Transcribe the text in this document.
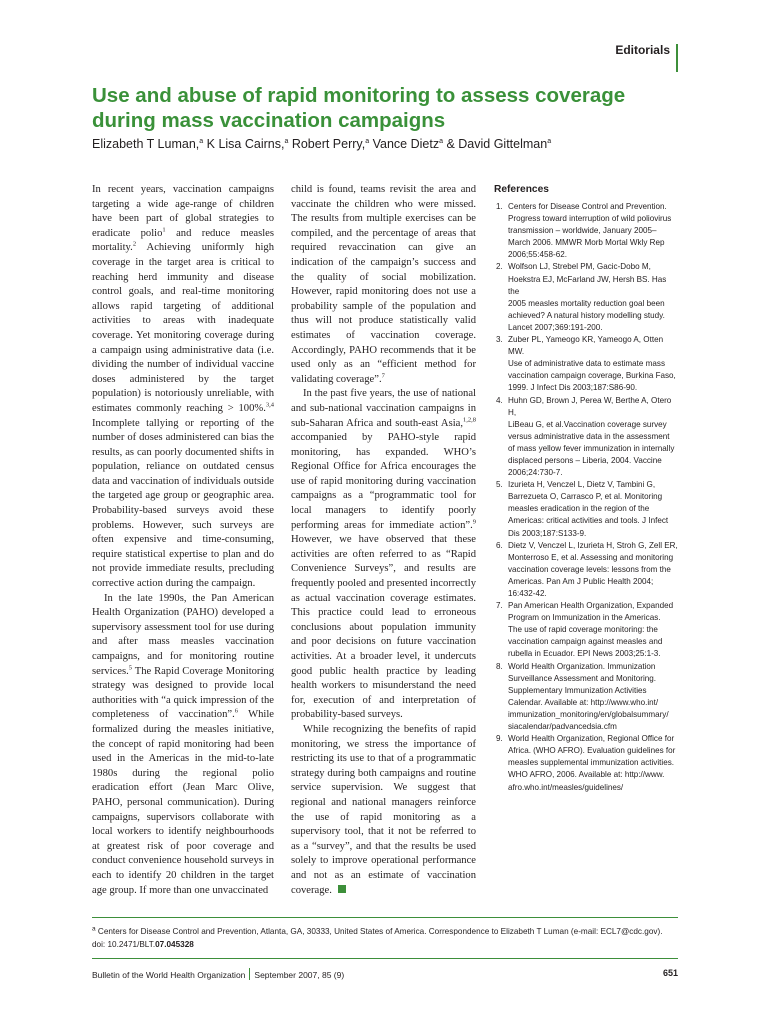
Editorials
Use and abuse of rapid monitoring to assess coverage during mass vaccination campaigns
Elizabeth T Luman,$^a$ K Lisa Cairns,$^a$ Robert Perry,$^a$ Vance Dietz$^a$ & David Gittelman$^a$

In recent years, vaccination campaigns targeting a wide age-range of children have been part of global strategies to eradicate polio$^1$ and reduce measles mortality.$^2$ Achieving uniformly high coverage in the target area is critical to reaching herd immunity and disease control goals, and real-time monitoring allows rapid targeting of additional activities to areas with inadequate coverage. Yet monitoring coverage during a campaign using administrative data (i.e. dividing the number of individual vaccine doses administered by the target population) is notoriously unreliable, with estimates commonly reaching > 100%.$^{3,4}$ Incomplete tallying or reporting of the number of doses administered can bias the results, as can poorly documented shifts in population, reliance on outdated census data and vaccination of individuals outside the targeted age group or geographic area. Probability-based surveys avoid these problems. However, such surveys are often expensive and time-consuming, require statistical expertise to plan and do not provide immediate results, precluding corrective action during the campaign.

In the late 1990s, the Pan American Health Organization (PAHO) developed a supervisory assessment tool for use during and after mass measles vaccination campaigns, and for monitoring routine services.$^5$ The Rapid Coverage Monitoring strategy was designed to provide local authorities with “a quick impression of the completeness of vaccination”.$^6$ While formalized during the measles initiative, the concept of rapid monitoring had been used in the Americas in the mid-to-late 1980s during the regional polio eradication effort (Jean Marc Olive, PAHO, personal communication). During campaigns, supervisors collaborate with local workers to identify neighbourhoods at greatest risk of poor coverage and conduct convenience household surveys in each to identify 20 children in the target age group. If more than one unvaccinated

child is found, teams revisit the area and vaccinate the children who were missed. The results from multiple exercises can be compiled, and the percentage of areas that required revaccination can give an indication of the campaign’s success and the quality of social mobilization. However, rapid monitoring does not use a probability sample of the population and thus will not produce statistically valid estimates of vaccination coverage. Accordingly, PAHO recommends that it be used only as an “efficient method for validating coverage”.$^7$

In the past five years, the use of national and sub-national vaccination campaigns in sub-Saharan Africa and south-east Asia,$^{1,2,8}$ accompanied by PAHO-style rapid monitoring, has expanded. WHO’s Regional Office for Africa encourages the use of rapid monitoring during vaccination campaigns as a “programmatic tool for local managers to identify poorly performing areas for immediate action”.$^9$ However, we have observed that these activities are often referred to as “Rapid Convenience Surveys”, and results are frequently pooled and presented incorrectly as actual vaccination coverage estimates. This practice could lead to erroneous conclusions about population immunity and poor decisions on future vaccination activities. At a broader level, it undercuts good public health practice by leading health workers to misunderstand the need for, execution of and interpretation of probability-based surveys.

While recognizing the benefits of rapid monitoring, we stress the importance of restricting its use to that of a programmatic strategy during both campaigns and routine service supervision. We suggest that regional and national managers reinforce the use of rapid monitoring as a supervisory tool, that it not be referred to as a “survey”, and that the results be used solely to improve operational performance and not as an estimate of vaccination coverage.

References
1. Centers for Disease Control and Prevention.
Progress toward interruption of wild poliovirus
transmission – worldwide, January 2005–
March 2006. MMWR Morb Mortal Wkly Rep
2006;55:458-62.
2. Wolfson LJ, Strebel PM, Gacic-Dobo M,
Hoekstra EJ, McFarland JW, Hersh BS. Has the
2005 measles mortality reduction goal been
achieved? A natural history modelling study.
Lancet 2007;369:191-200.
3. Zuber PL, Yameogo KR, Yameogo A, Otten MW.
Use of administrative data to estimate mass
vaccination campaign coverage, Burkina Faso,
1999. J Infect Dis 2003;187:S86-90.
4. Huhn GD, Brown J, Perea W, Berthe A, Otero H,
LiBeau G, et al.Vaccination coverage survey
versus administrative data in the assessment
of mass yellow fever immunization in internally
displaced persons – Liberia, 2004. Vaccine
2006;24:730-7.
5. Izurieta H, Venczel L, Dietz V, Tambini G,
Barrezueta O, Carrasco P, et al. Monitoring
measles eradication in the region of the
Americas: critical activities and tools. J Infect
Dis 2003;187:S133-9.
6. Dietz V, Venczel L, Izurieta H, Stroh G, Zell ER,
Monterroso E, et al. Assessing and monitoring
vaccination coverage levels: lessons from the
Americas. Pan Am J Public Health 2004;
16:432-42.
7. Pan American Health Organization, Expanded
Program on Immunization in the Americas.
The use of rapid coverage monitoring: the
vaccination campaign against measles and
rubella in Ecuador. EPI News 2003;25:1-3.
8. World Health Organization. Immunization
Surveillance Assessment and Monitoring.
Supplementary Immunization Activities
Calendar. Available at: http://www.who.int/
immunization_monitoring/en/globalsummary/
siacalendar/padvancedsia.cfm
9. World Health Organization, Regional Office for
Africa. (WHO AFRO). Evaluation guidelines for
measles supplemental immunization activities.
WHO AFRO, 2006. Available at: http://www.
afro.who.int/measles/guidelines/
$^a$ Centers for Disease Control and Prevention, Atlanta, GA, 30333, United States of America. Correspondence to Elizabeth T Luman (e-mail: ECL7@cdc.gov).
doi: 10.2471/BLT.07.045328
Bulletin of the World Health Organization September 2007, 85 (9)	651
